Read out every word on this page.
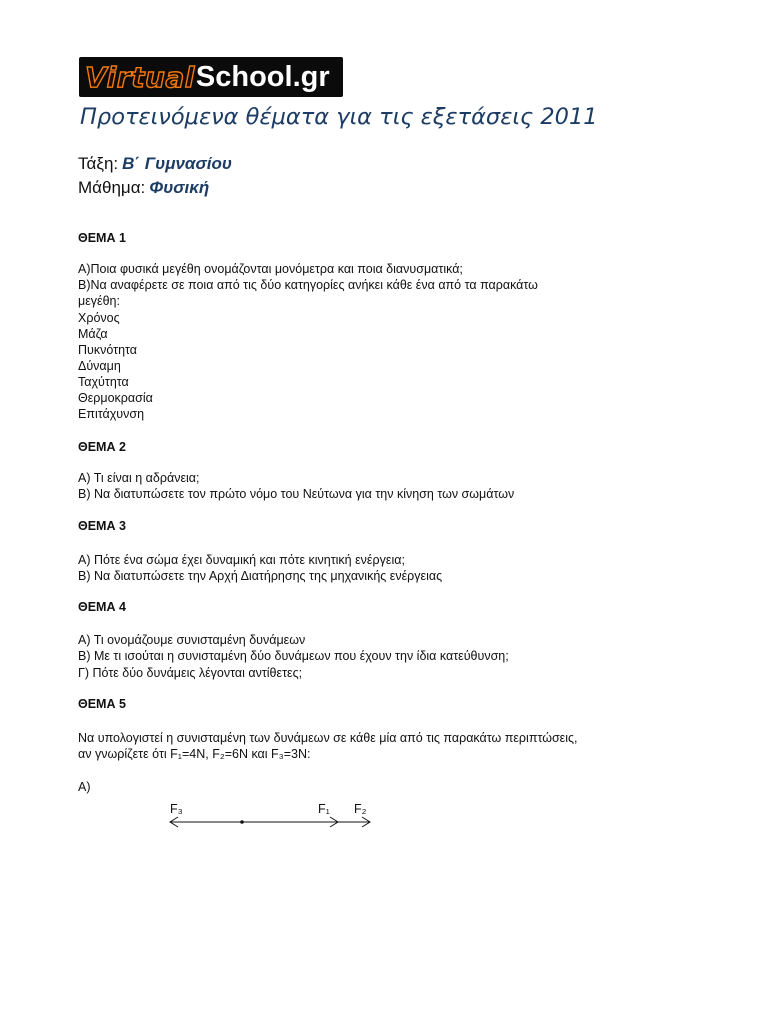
Virtual School.gr
Προτεινόμενα θέματα για τις εξετάσεις 2011
Τάξη: Β΄ Γυμνασίου
Μάθημα: Φυσική

ΘΕΜΑ 1

Α)Ποια φυσικά μεγέθη ονομάζονται μονόμετρα και ποια διανυσματικά;

Β)Να αναφέρετε σε ποια από τις δύο κατηγορίες ανήκει κάθε ένα από τα παρακάτω

μεγέθη:

Χρόνος

Μάζα

Πυκνότητα

Δύναμη

Ταχύτητα

Θερμοκρασία

Επιτάχυνση

ΘΕΜΑ 2

Α) Τι είναι η αδράνεια;

Β) Να διατυπώσετε τον πρώτο νόμο του Νεύτωνα για την κίνηση των σωμάτων

ΘΕΜΑ 3

Α) Πότε ένα σώμα έχει δυναμική και πότε κινητική ενέργεια;

Β) Να διατυπώσετε την Αρχή Διατήρησης της μηχανικής ενέργειας

ΘΕΜΑ 4

Α) Τι ονομάζουμε συνισταμένη δυνάμεων

Β) Με τι ισούται η συνισταμένη δύο δυνάμεων που έχουν την ίδια κατεύθυνση;

Γ) Πότε δύο δυνάμεις λέγονται αντίθετες;

ΘΕΜΑ 5

Να υπολογιστεί η συνισταμένη των δυνάμεων σε κάθε μία από τις παρακάτω περιπτώσεις,

αν γνωρίζετε ότι F₁=4N, F₂=6N και F₃=3N:

Α)

F₃	F₁ F₂
